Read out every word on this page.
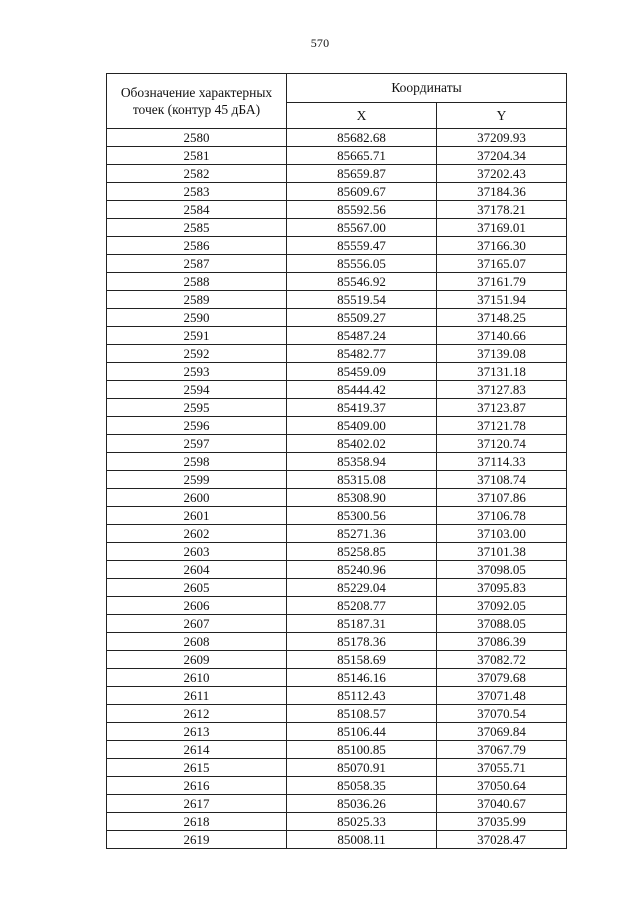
570
Обозначение характерных точек (контур 45 дБА)	Координаты	
	X	Y
2580	85682.68	37209.93
2581	85665.71	37204.34
2582	85659.87	37202.43
2583	85609.67	37184.36
2584	85592.56	37178.21
2585	85567.00	37169.01
2586	85559.47	37166.30
2587	85556.05	37165.07
2588	85546.92	37161.79
2589	85519.54	37151.94
2590	85509.27	37148.25
2591	85487.24	37140.66
2592	85482.77	37139.08
2593	85459.09	37131.18
2594	85444.42	37127.83
2595	85419.37	37123.87
2596	85409.00	37121.78
2597	85402.02	37120.74
2598	85358.94	37114.33
2599	85315.08	37108.74
2600	85308.90	37107.86
2601	85300.56	37106.78
2602	85271.36	37103.00
2603	85258.85	37101.38
2604	85240.96	37098.05
2605	85229.04	37095.83
2606	85208.77	37092.05
2607	85187.31	37088.05
2608	85178.36	37086.39
2609	85158.69	37082.72
2610	85146.16	37079.68
2611	85112.43	37071.48
2612	85108.57	37070.54
2613	85106.44	37069.84
2614	85100.85	37067.79
2615	85070.91	37055.71
2616	85058.35	37050.64
2617	85036.26	37040.67
2618	85025.33	37035.99
2619	85008.11	37028.47
